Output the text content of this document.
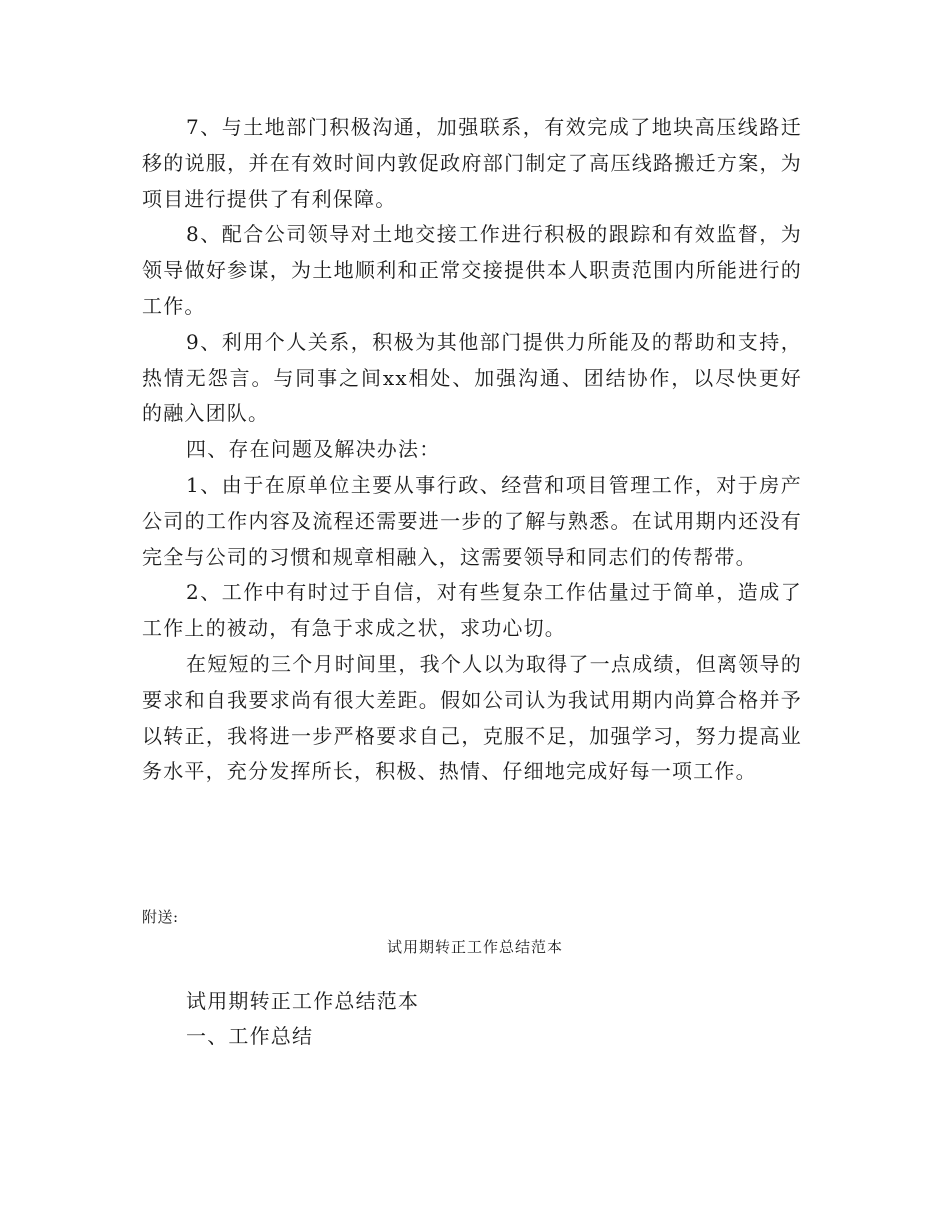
7、与土地部门积极沟通，加强联系，有效完成了地块高压线路迁移的说服，并在有效时间内敦促政府部门制定了高压线路搬迁方案，为项目进行提供了有利保障。

8、配合公司领导对土地交接工作进行积极的跟踪和有效监督，为领导做好参谋，为土地顺利和正常交接提供本人职责范围内所能进行的工作。

9、利用个人关系，积极为其他部门提供力所能及的帮助和支持，热情无怨言。与同事之间xx相处、加强沟通、团结协作，以尽快更好的融入团队。

四、存在问题及解决办法：

1、由于在原单位主要从事行政、经营和项目管理工作，对于房产公司的工作内容及流程还需要进一步的了解与熟悉。在试用期内还没有完全与公司的习惯和规章相融入，这需要领导和同志们的传帮带。

2、工作中有时过于自信，对有些复杂工作估量过于简单，造成了工作上的被动，有急于求成之状，求功心切。

在短短的三个月时间里，我个人以为取得了一点成绩，但离领导的要求和自我要求尚有很大差距。假如公司认为我试用期内尚算合格并予以转正，我将进一步严格要求自己，克服不足，加强学习，努力提高业务水平，充分发挥所长，积极、热情、仔细地完成好每一项工作。

附送:
试用期转正工作总结范本
试用期转正工作总结范本
一、工作总结
